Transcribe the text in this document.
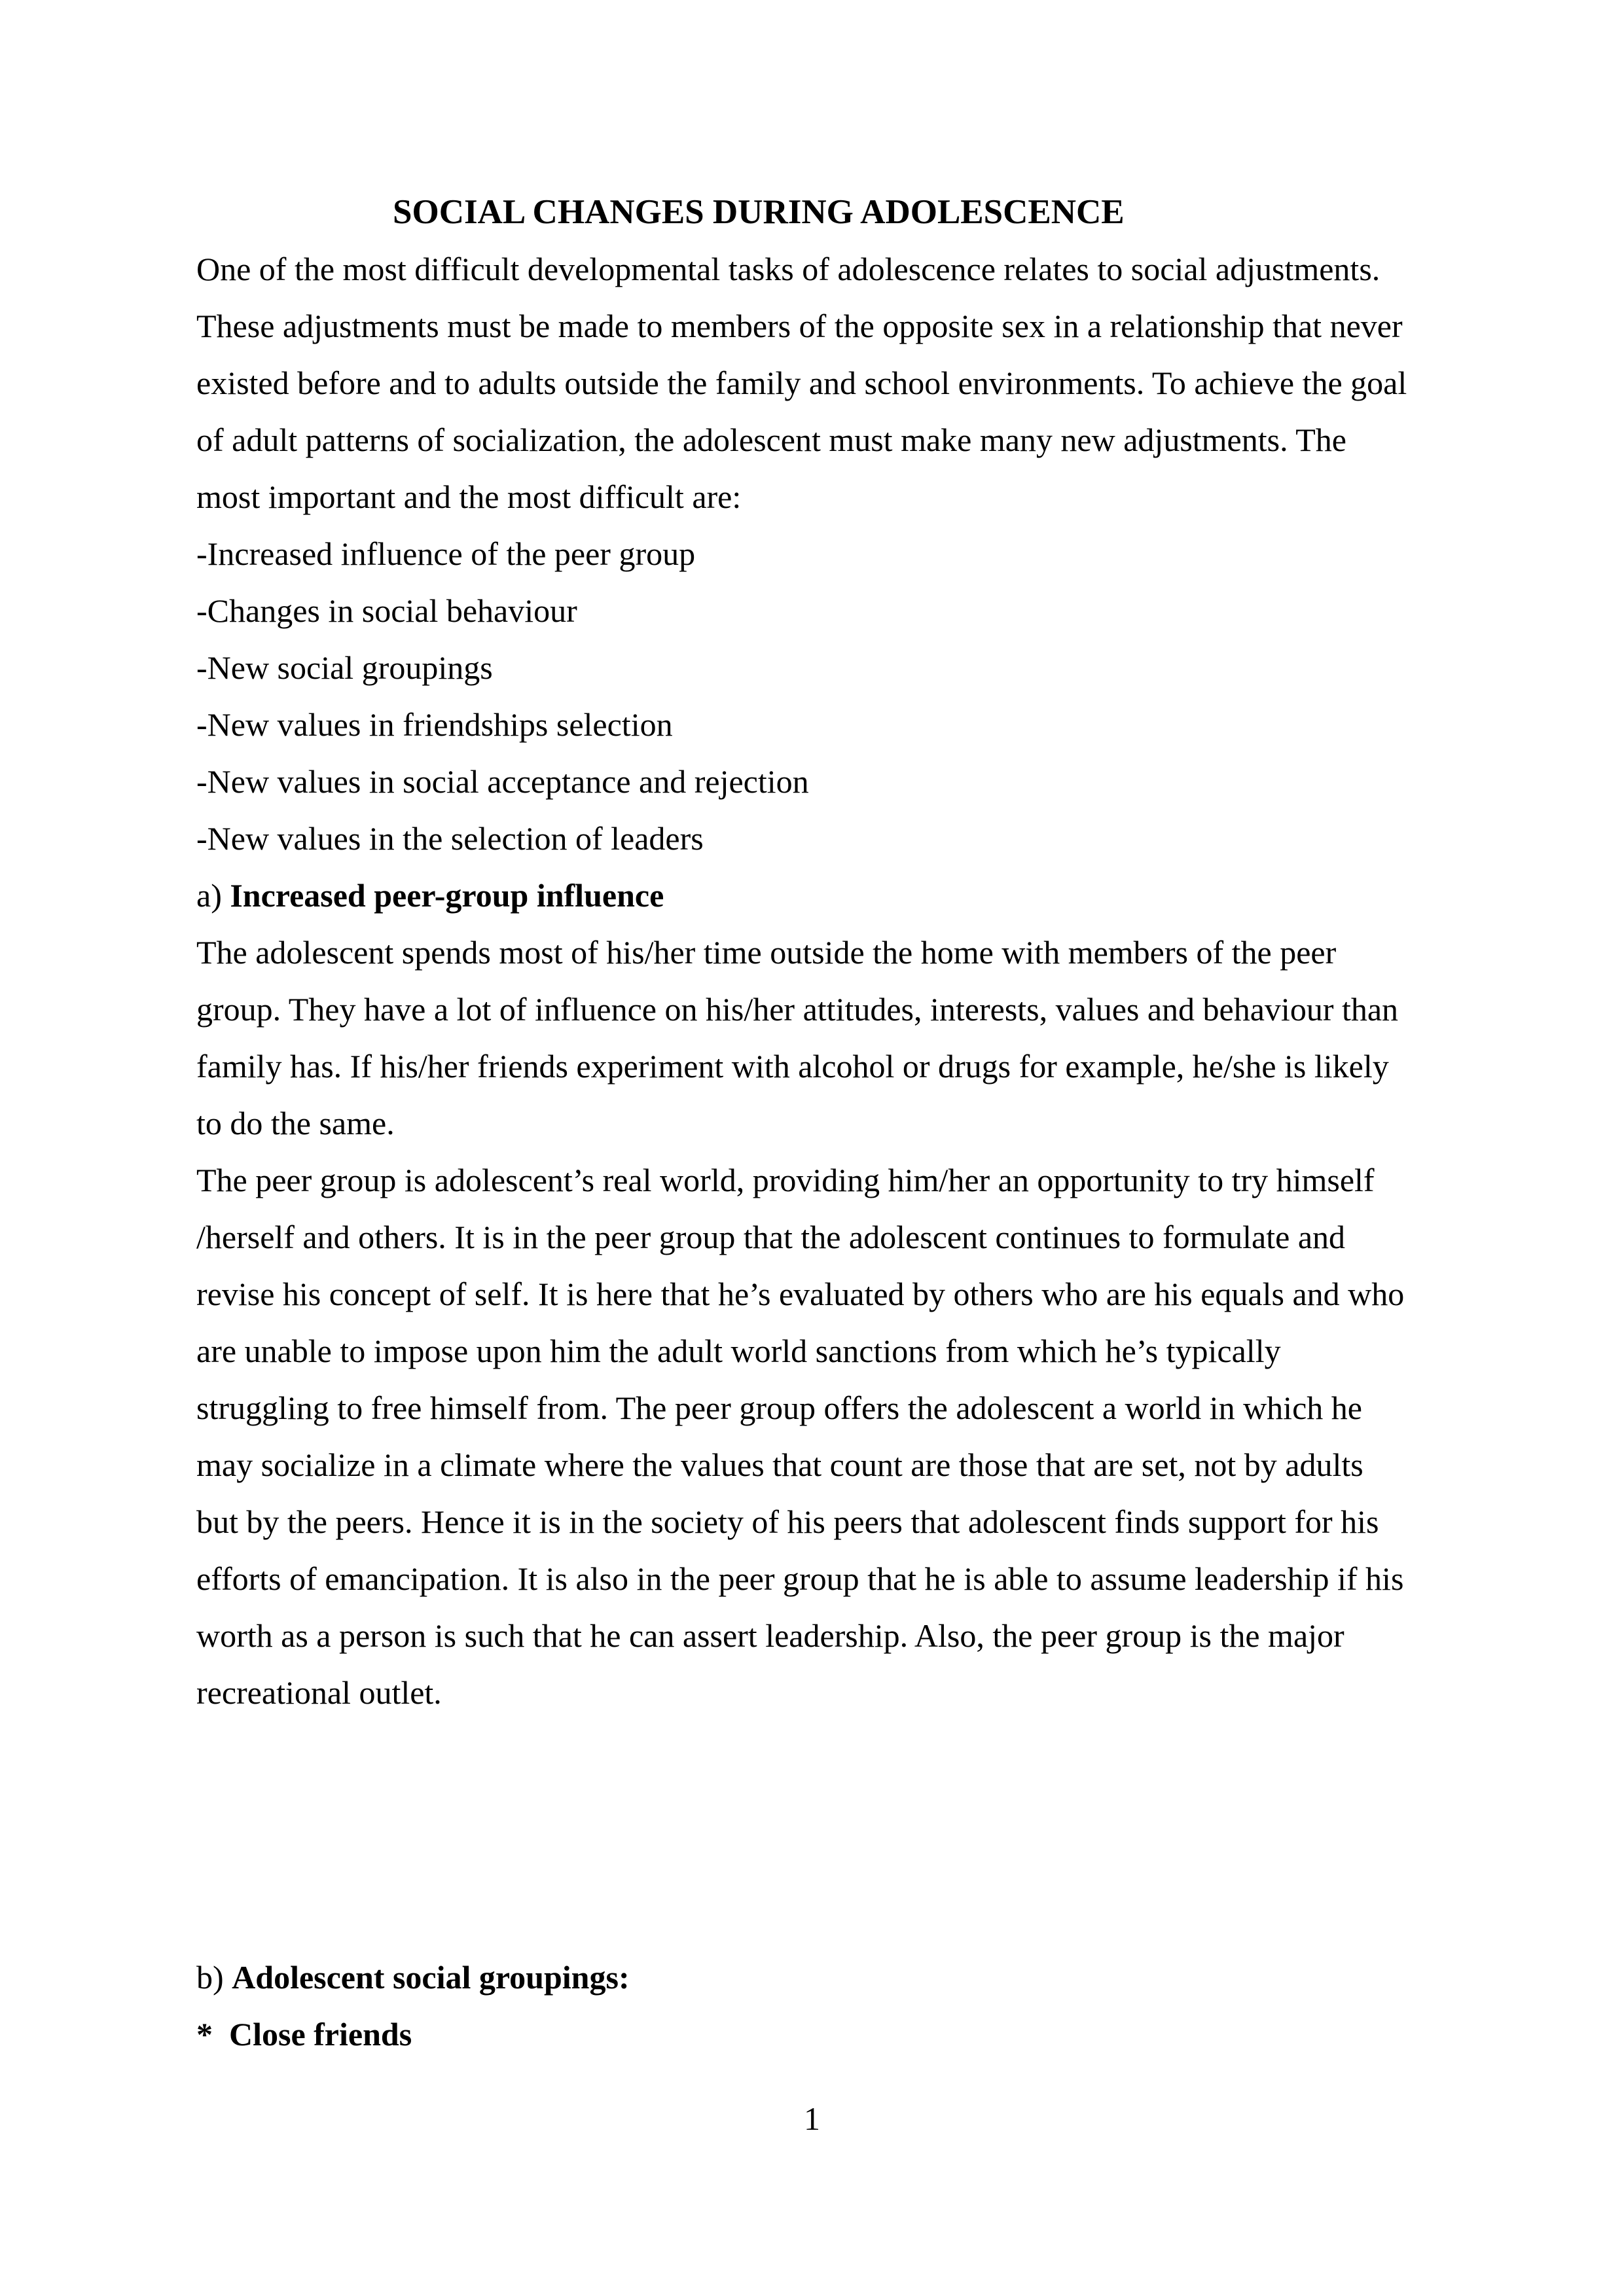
SOCIAL CHANGES DURING ADOLESCENCE
One of the most difficult developmental tasks of adolescence relates to social adjustments.
These adjustments must be made to members of the opposite sex in a relationship that never
existed before and to adults outside the family and school environments. To achieve the goal
of adult patterns of socialization, the adolescent must make many new adjustments. The
most important and the most difficult are:
-Increased influence of the peer group
-Changes in social behaviour
-New social groupings
-New values in friendships selection
-New values in social acceptance and rejection
-New values in the selection of leaders
a) Increased peer-group influence
The adolescent spends most of his/her time outside the home with members of the peer
group. They have a lot of influence on his/her attitudes, interests, values and behaviour than
family has. If his/her friends experiment with alcohol or drugs for example, he/she is likely
to do the same.
The peer group is adolescent’s real world, providing him/her an opportunity to try himself
/herself and others. It is in the peer group that the adolescent continues to formulate and
revise his concept of self. It is here that he’s evaluated by others who are his equals and who
are unable to impose upon him the adult world sanctions from which he’s typically
struggling to free himself from. The peer group offers the adolescent a world in which he
may socialize in a climate where the values that count are those that are set, not by adults
but by the peers. Hence it is in the society of his peers that adolescent finds support for his
efforts of emancipation. It is also in the peer group that he is able to assume leadership if his
worth as a person is such that he can assert leadership. Also, the peer group is the major
recreational outlet.
b) Adolescent social groupings:
*  Close friends
1
